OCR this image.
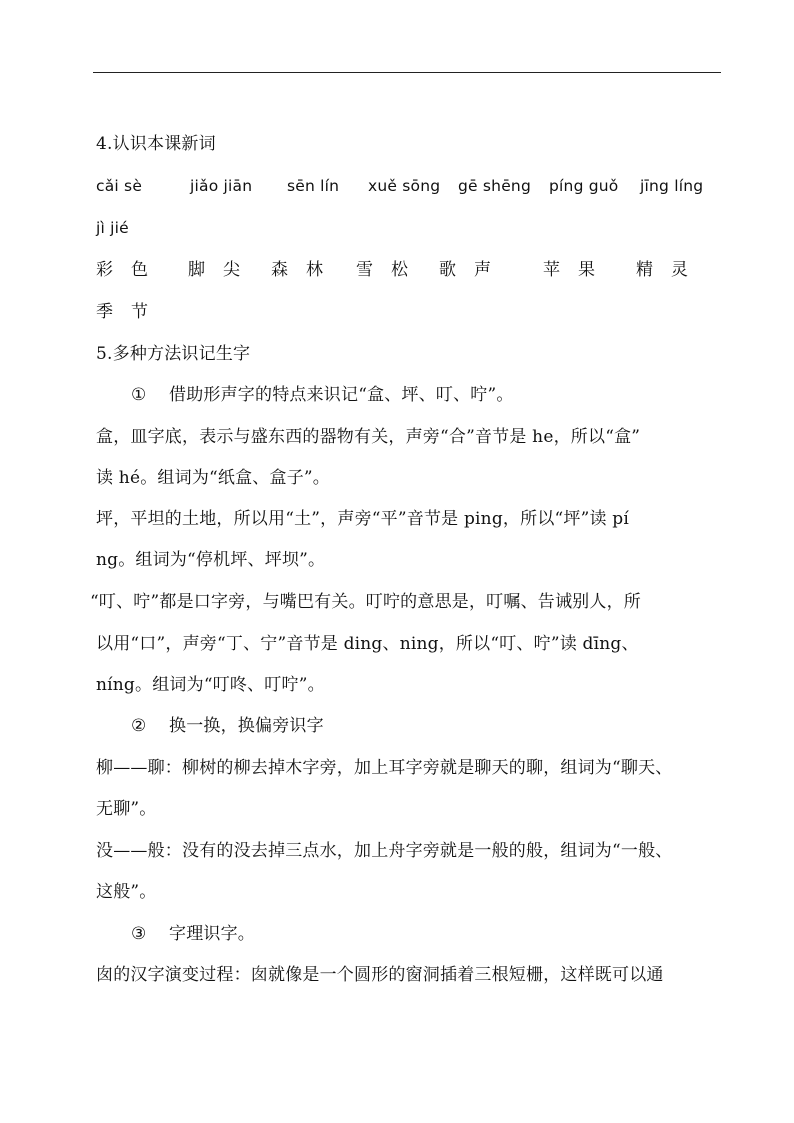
4.认识本课新词
cǎi sè	jiǎo jiān sēn lín xuě sōng gē shēng píng guǒ jīng líng
jì jié
彩色 脚尖 森林 雪松 歌声 苹果 精灵
季节
5.多种方法识记生字
① 借助形声字的特点来识记“盒、坪、叮、咛”。
盒，皿字底，表示与盛东西的器物有关，声旁“合”音节是 he，所以“盒”
读 hé。组词为“纸盒、盒子”。
坪，平坦的土地，所以用“土”，声旁“平”音节是 ping，所以“坪”读 pí
ng。组词为“停机坪、坪坝”。
“叮、咛”都是口字旁，与嘴巴有关。叮咛的意思是，叮嘱、告诫别人，所
以用“口”，声旁“丁、宁”音节是 ding、ning，所以“叮、咛”读 dīng、
níng。组词为“叮咚、叮咛”。
② 换一换，换偏旁识字
柳——聊：柳树的柳去掉木字旁，加上耳字旁就是聊天的聊，组词为“聊天、
无聊”。
没——般：没有的没去掉三点水，加上舟字旁就是一般的般，组词为“一般、
这般”。
③ 字理识字。
囱的汉字演变过程：囱就像是一个圆形的窗洞插着三根短栅，这样既可以通
